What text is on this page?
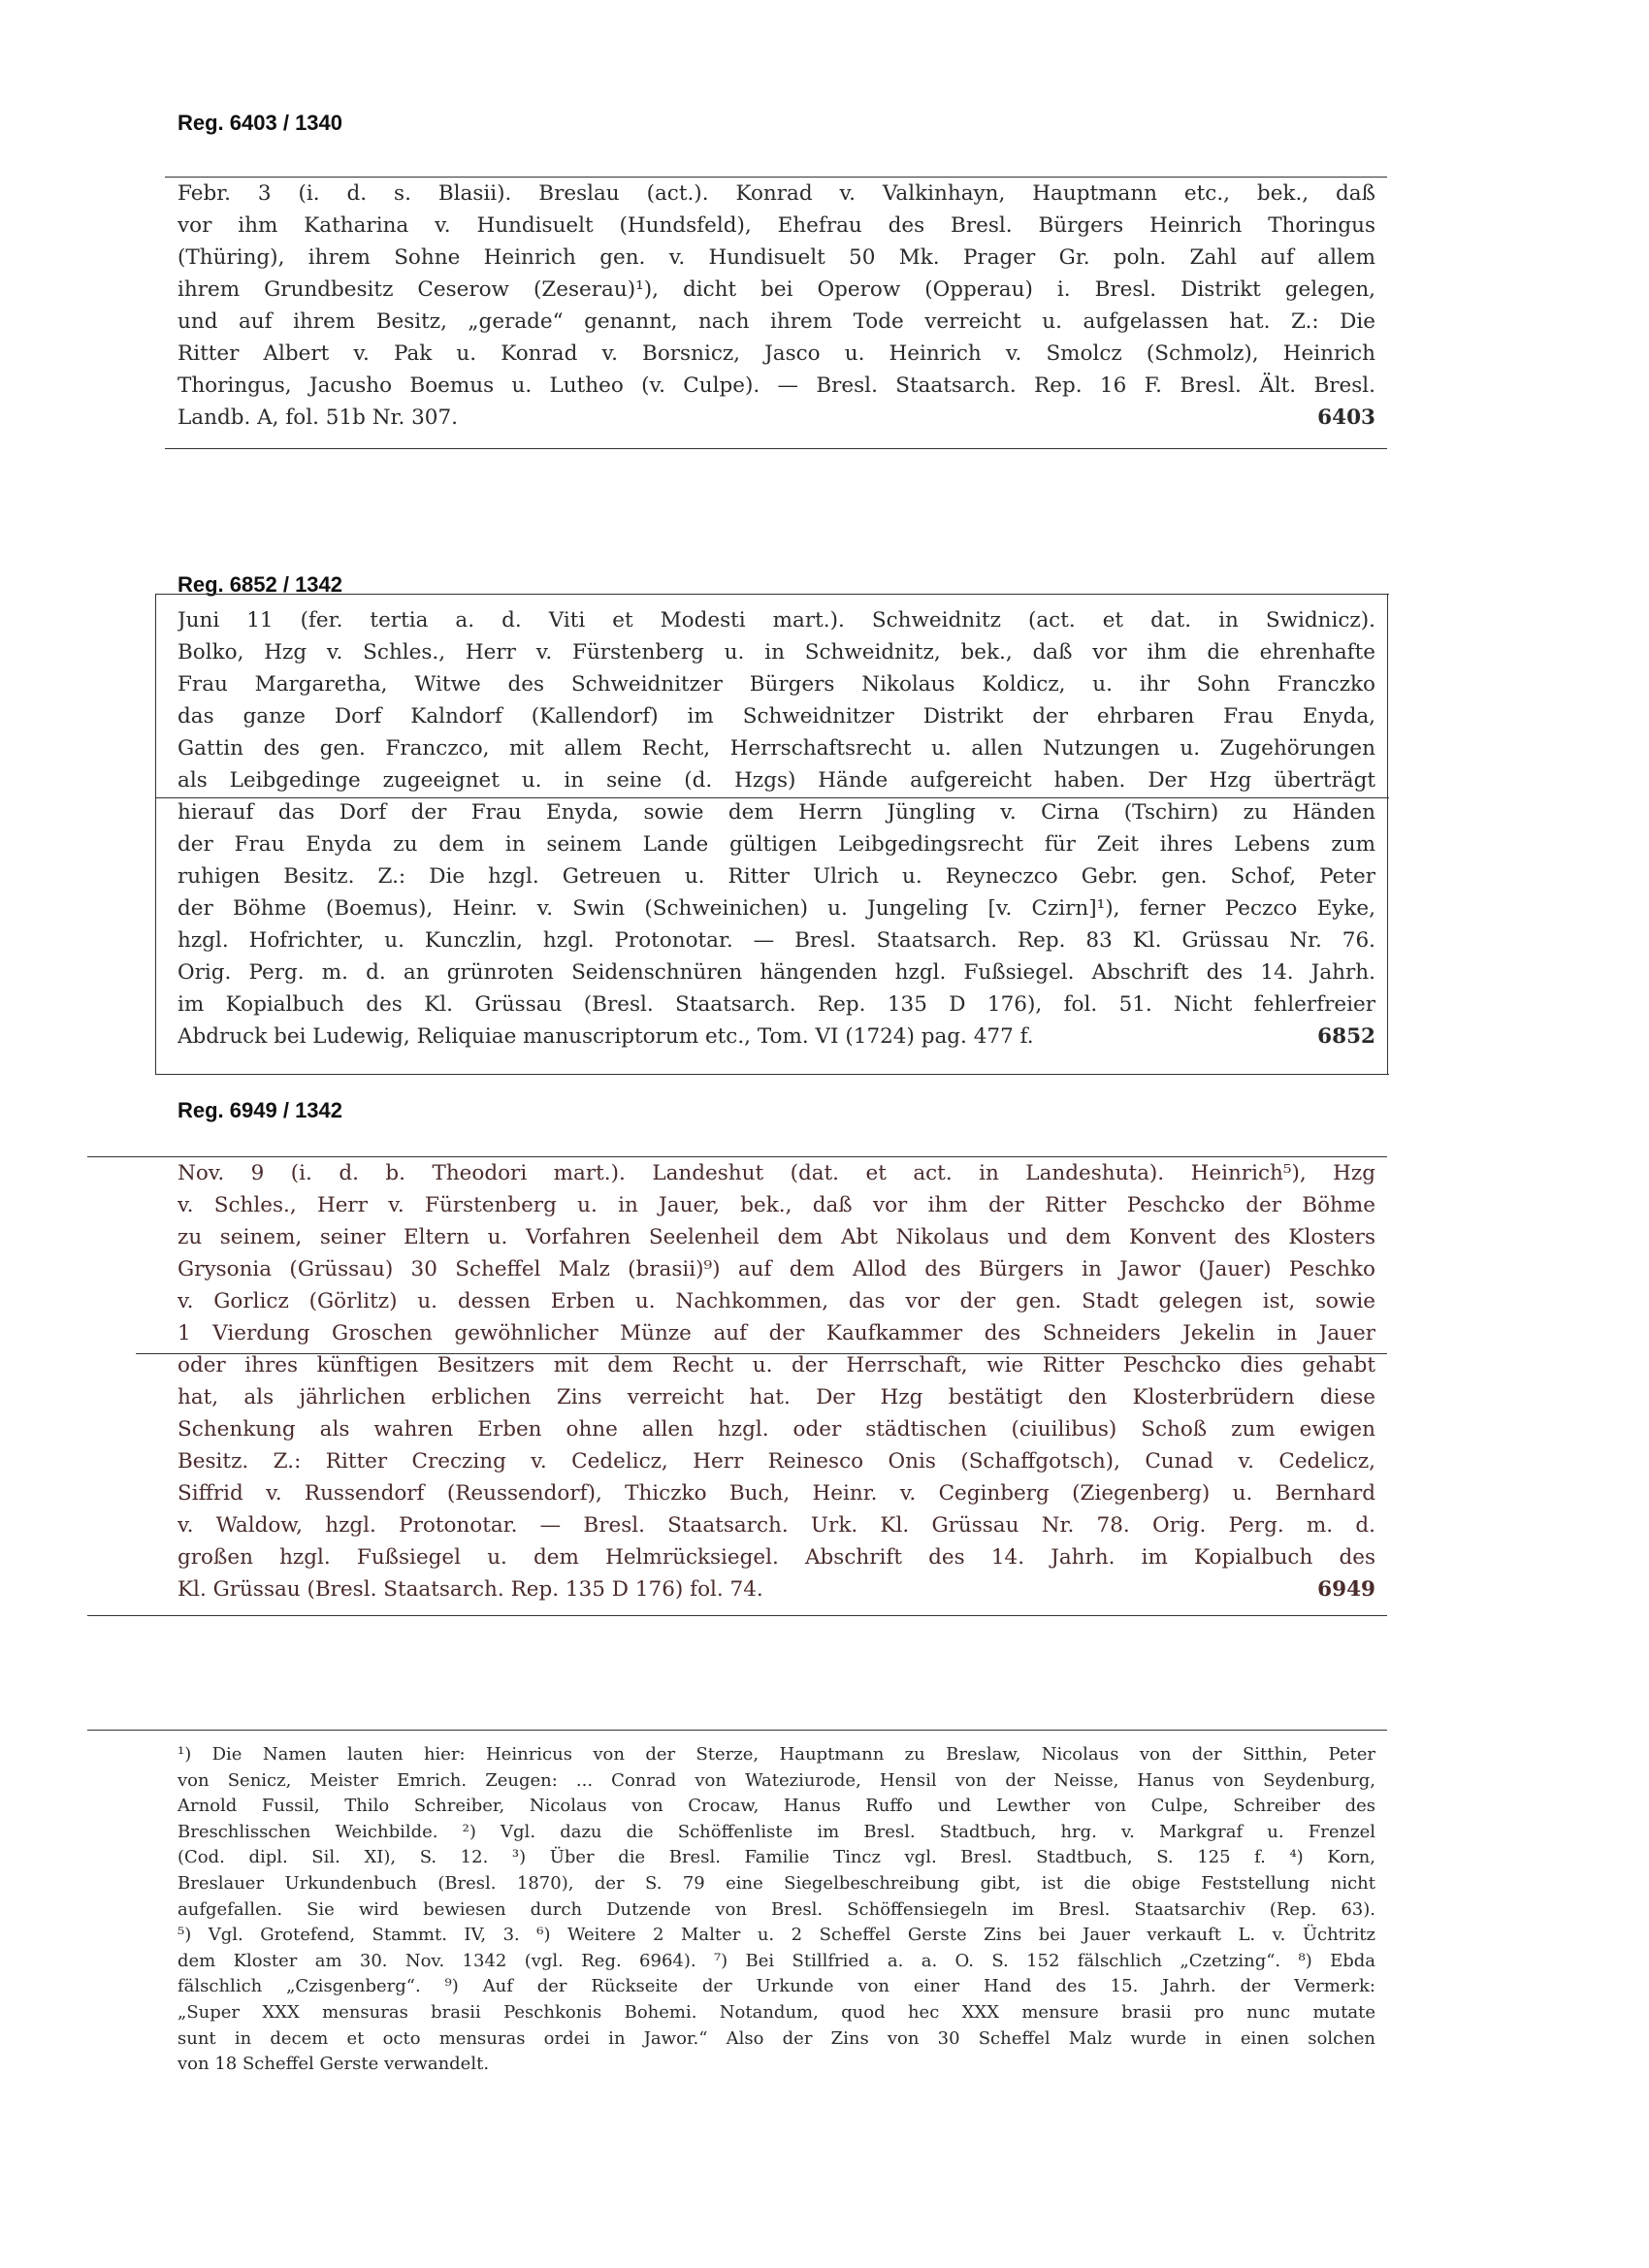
Reg. 6403 / 1340
Febr. 3 (i. d. s. Blasii). Breslau (act.). Konrad v. Valkinhayn, Hauptmann etc., bek., daß
vor ihm Katharina v. Hundisuelt (Hundsfeld), Ehefrau des Bresl. Bürgers Heinrich Thoringus
(Thüring), ihrem Sohne Heinrich gen. v. Hundisuelt 50 Mk. Prager Gr. poln. Zahl auf allem
ihrem Grundbesitz Ceserow (Zeserau)¹), dicht bei Operow (Opperau) i. Bresl. Distrikt gelegen,
und auf ihrem Besitz, „gerade“ genannt, nach ihrem Tode verreicht u. aufgelassen hat. Z.: Die
Ritter Albert v. Pak u. Konrad v. Borsnicz, Jasco u. Heinrich v. Smolcz (Schmolz), Heinrich
Thoringus, Jacusho Boemus u. Lutheo (v. Culpe). — Bresl. Staatsarch. Rep. 16 F. Bresl. Ält. Bresl.
Landb. A, fol. 51b Nr. 307.	6403
Reg. 6852 / 1342
Juni 11 (fer. tertia a. d. Viti et Modesti mart.). Schweidnitz (act. et dat. in Swidnicz).
Bolko, Hzg v. Schles., Herr v. Fürstenberg u. in Schweidnitz, bek., daß vor ihm die ehrenhafte
Frau Margaretha, Witwe des Schweidnitzer Bürgers Nikolaus Koldicz, u. ihr Sohn Franczko
das ganze Dorf Kalndorf (Kallendorf) im Schweidnitzer Distrikt der ehrbaren Frau Enyda,
Gattin des gen. Franczco, mit allem Recht, Herrschaftsrecht u. allen Nutzungen u. Zugehörungen
als Leibgedinge zugeeignet u. in seine (d. Hzgs) Hände aufgereicht haben. Der Hzg überträgt
hierauf das Dorf der Frau Enyda, sowie dem Herrn Jüngling v. Cirna (Tschirn) zu Händen
der Frau Enyda zu dem in seinem Lande gültigen Leibgedingsrecht für Zeit ihres Lebens zum
ruhigen Besitz. Z.: Die hzgl. Getreuen u. Ritter Ulrich u. Reyneczco Gebr. gen. Schof, Peter
der Böhme (Boemus), Heinr. v. Swin (Schweinichen) u. Jungeling [v. Czirn]¹), ferner Peczco Eyke,
hzgl. Hofrichter, u. Kunczlin, hzgl. Protonotar. — Bresl. Staatsarch. Rep. 83 Kl. Grüssau Nr. 76.
Orig. Perg. m. d. an grünroten Seidenschnüren hängenden hzgl. Fußsiegel. Abschrift des 14. Jahrh.
im Kopialbuch des Kl. Grüssau (Bresl. Staatsarch. Rep. 135 D 176), fol. 51. Nicht fehlerfreier
Abdruck bei Ludewig, Reliquiae manuscriptorum etc., Tom. VI (1724) pag. 477 f.	6852
Reg. 6949 / 1342
Nov. 9 (i. d. b. Theodori mart.). Landeshut (dat. et act. in Landeshuta). Heinrich⁵), Hzg
v. Schles., Herr v. Fürstenberg u. in Jauer, bek., daß vor ihm der Ritter Peschcko der Böhme
zu seinem, seiner Eltern u. Vorfahren Seelenheil dem Abt Nikolaus und dem Konvent des Klosters
Grysonia (Grüssau) 30 Scheffel Malz (brasii)⁹) auf dem Allod des Bürgers in Jawor (Jauer) Peschko
v. Gorlicz (Görlitz) u. dessen Erben u. Nachkommen, das vor der gen. Stadt gelegen ist, sowie
1 Vierdung Groschen gewöhnlicher Münze auf der Kaufkammer des Schneiders Jekelin in Jauer
oder ihres künftigen Besitzers mit dem Recht u. der Herrschaft, wie Ritter Peschcko dies gehabt
hat, als jährlichen erblichen Zins verreicht hat. Der Hzg bestätigt den Klosterbrüdern diese
Schenkung als wahren Erben ohne allen hzgl. oder städtischen (ciuilibus) Schoß zum ewigen
Besitz. Z.: Ritter Creczing v. Cedelicz, Herr Reinesco Onis (Schaffgotsch), Cunad v. Cedelicz,
Siffrid v. Russendorf (Reussendorf), Thiczko Buch, Heinr. v. Ceginberg (Ziegenberg) u. Bernhard
v. Waldow, hzgl. Protonotar. — Bresl. Staatsarch. Urk. Kl. Grüssau Nr. 78. Orig. Perg. m. d.
großen hzgl. Fußsiegel u. dem Helmrücksiegel. Abschrift des 14. Jahrh. im Kopialbuch des
Kl. Grüssau (Bresl. Staatsarch. Rep. 135 D 176) fol. 74.	6949
¹) Die Namen lauten hier: Heinricus von der Sterze, Hauptmann zu Breslaw, Nicolaus von der Sitthin, Peter
von Senicz, Meister Emrich. Zeugen: ... Conrad von Wateziurode, Hensil von der Neisse, Hanus von Seydenburg,
Arnold Fussil, Thilo Schreiber, Nicolaus von Crocaw, Hanus Ruffo und Lewther von Culpe, Schreiber des
Breschlisschen Weichbilde. ²) Vgl. dazu die Schöffenliste im Bresl. Stadtbuch, hrg. v. Markgraf u. Frenzel
(Cod. dipl. Sil. XI), S. 12. ³) Über die Bresl. Familie Tincz vgl. Bresl. Stadtbuch, S. 125 f. ⁴) Korn,
Breslauer Urkundenbuch (Bresl. 1870), der S. 79 eine Siegelbeschreibung gibt, ist die obige Feststellung nicht
aufgefallen. Sie wird bewiesen durch Dutzende von Bresl. Schöffensiegeln im Bresl. Staatsarchiv (Rep. 63).
⁵) Vgl. Grotefend, Stammt. IV, 3. ⁶) Weitere 2 Malter u. 2 Scheffel Gerste Zins bei Jauer verkauft L. v. Üchtritz
dem Kloster am 30. Nov. 1342 (vgl. Reg. 6964). ⁷) Bei Stillfried a. a. O. S. 152 fälschlich „Czetzing“. ⁸) Ebda
fälschlich „Czisgenberg“. ⁹) Auf der Rückseite der Urkunde von einer Hand des 15. Jahrh. der Vermerk:
„Super XXX mensuras brasii Peschkonis Bohemi. Notandum, quod hec XXX mensure brasii pro nunc mutate
sunt in decem et octo mensuras ordei in Jawor.“ Also der Zins von 30 Scheffel Malz wurde in einen solchen
von 18 Scheffel Gerste verwandelt.
